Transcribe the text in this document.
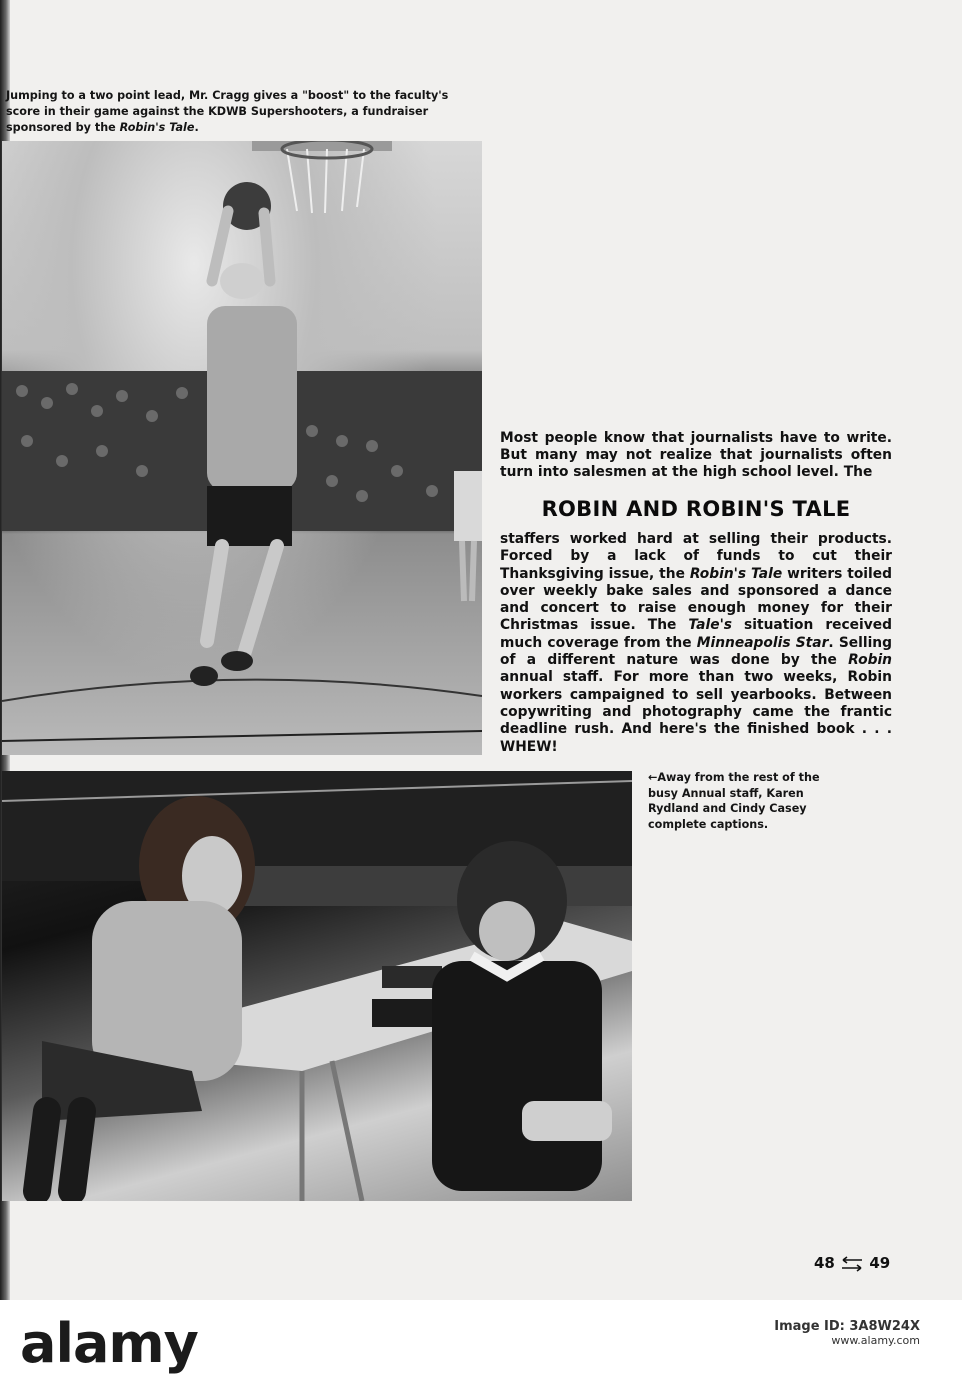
Jumping to a two point lead, Mr. Cragg gives a "boost" to the faculty's score in their game against the KDWB Supershooters, a fundraiser sponsored by the Robin's Tale.
Most people know that journalists have to write. But many may not realize that journalists often turn into salesmen at the high school level. The
ROBIN AND ROBIN'S TALE
staffers worked hard at selling their products. Forced by a lack of funds to cut their Thanksgiving issue, the Robin's Tale writers toiled over weekly bake sales and sponsored a dance and concert to raise enough money for their Christmas issue. The Tale's situation received much coverage from the Minneapolis Star. Selling of a different nature was done by the Robin annual staff. For more than two weeks, Robin workers campaigned to sell yearbooks. Between copywriting and photography came the frantic deadline rush. And here's the finished book . . . WHEW!
←Away from the rest of the busy Annual staff, Karen Rydland and Cindy Casey complete captions.
48 49
alamy	Image ID: 3A8W24X
www.alamy.com
